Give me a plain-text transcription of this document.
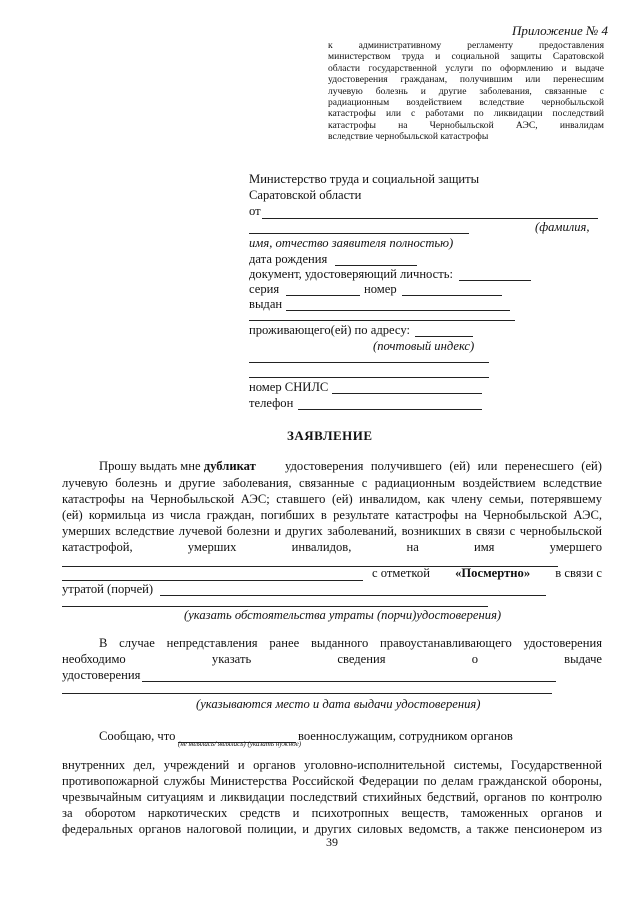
Приложение № 4
к административному регламенту предоставления
министерством труда и социальной защиты Саратовской
области государственной услуги по оформлению и выдаче
удостоверения гражданам, получившим или перенесшим
лучевую болезнь и другие заболевания, связанные с
радиационным воздействием вследствие чернобыльской
катастрофы или с работами по ликвидации последствий
катастрофы на Чернобыльской АЭС, инвалидам
вследствие чернобыльской катастрофы
Министерство труда и социальной защиты
Саратовской области
от
(фамилия,
имя, отчество заявителя полностью)
дата рождения
документ, удостоверяющий личность:
серия	номер
выдан
проживающего(ей) по адресу:
(почтовый индекс)
номер СНИЛС
телефон
ЗАЯВЛЕНИЕ
Прошу выдать мне дубликат удостоверения получившего (ей) или перенесшего (ей)
лучевую болезнь и другие заболевания, связанные с радиационным воздействием вследствие
катастрофы на Чернобыльской АЭС; ставшего (ей) инвалидом, как члену семьи, потерявшему
(ей) кормильца из числа граждан, погибших в результате катастрофы на Чернобыльской АЭС,
умерших вследствие лучевой болезни и других заболеваний, возникших в связи с чернобыльской
катастрофой, умерших инвалидов, на имя умершего
с отметкой «Посмертно» в связи с
утратой (порчей)
(указать обстоятельства утраты (порчи)удостоверения)
В случае непредставления ранее выданного правоустанавливающего удостоверения
необходимо указать сведения о выдаче
удостоверения
(указываются место и дата выдачи удостоверения)
Сообщаю, что	военнослужащим, сотрудником органов
(не являлась/ являлась) (указать нужное)
внутренних дел, учреждений и органов уголовно-исполнительной системы, Государственной
противопожарной службы Министерства Российской Федерации по делам гражданской обороны,
чрезвычайным ситуациям и ликвидации последствий стихийных бедствий, органов по контролю
за оборотом наркотических средств и психотропных веществ, таможенных органов и
федеральных органов налоговой полиции, и других силовых ведомств, а также пенсионером из
39
